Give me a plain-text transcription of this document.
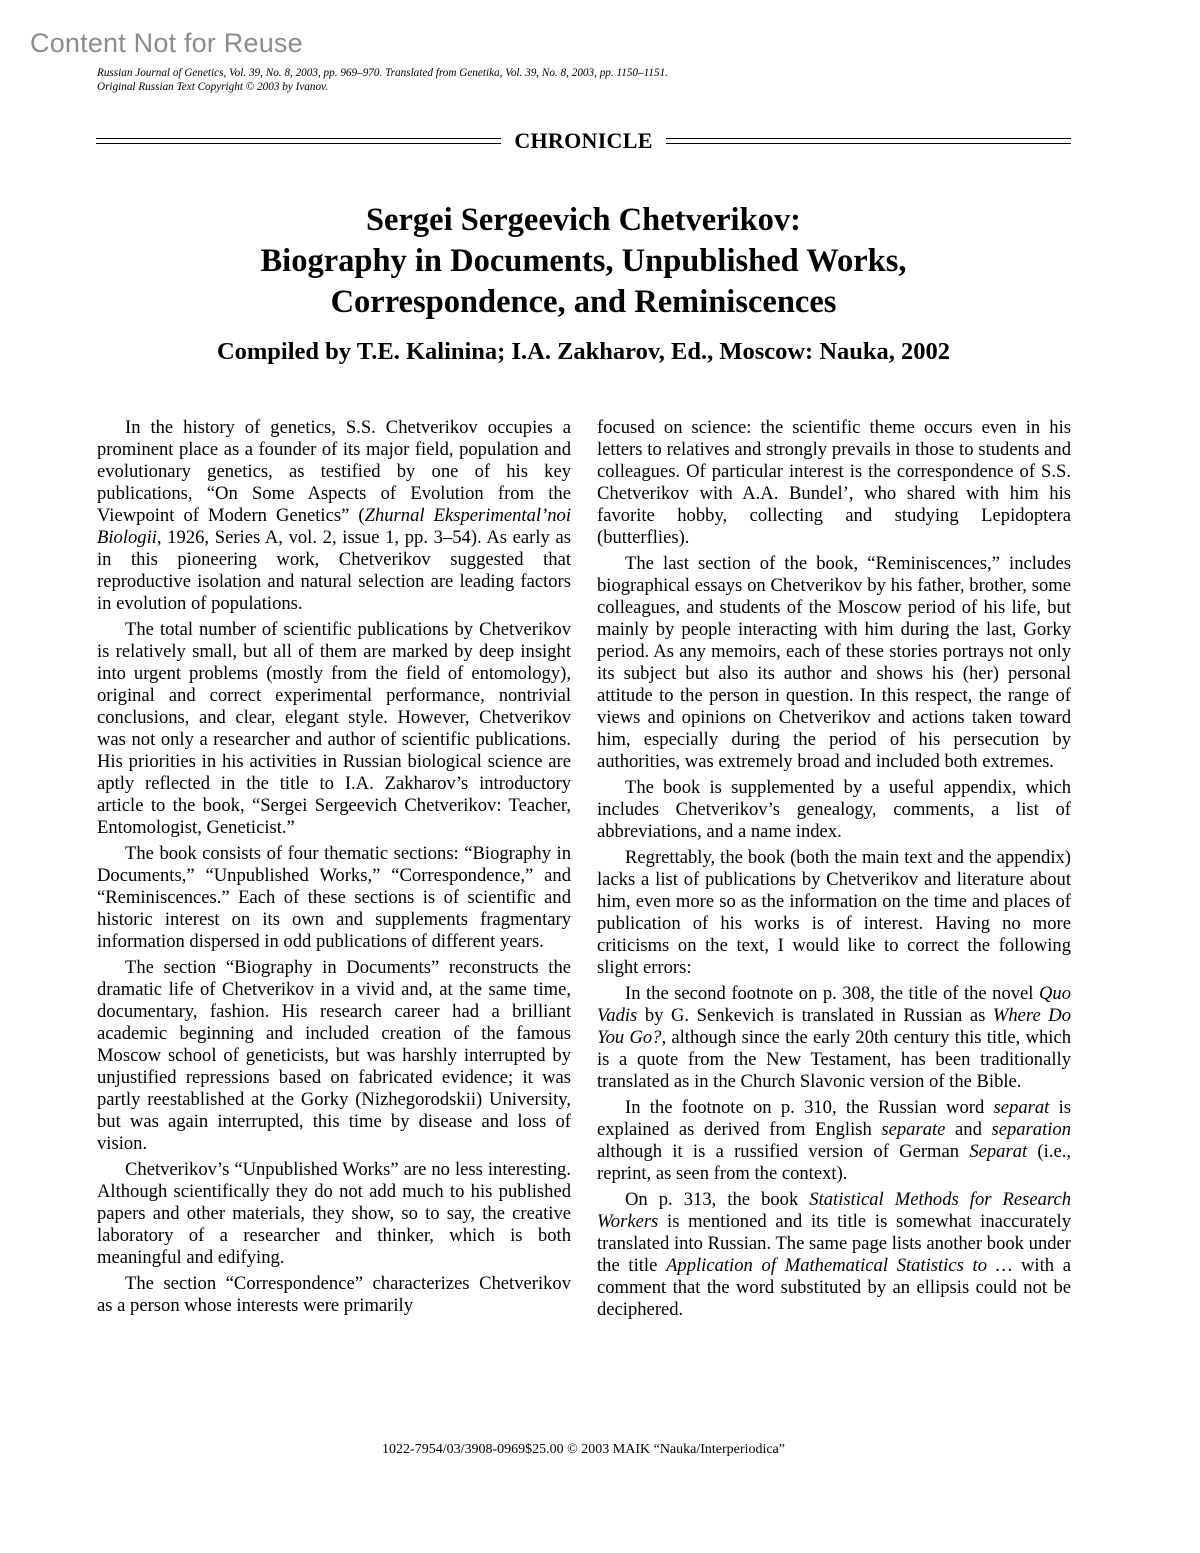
Content Not for Reuse
Russian Journal of Genetics, Vol. 39, No. 8, 2003, pp. 969–970. Translated from Genetika, Vol. 39, No. 8, 2003, pp. 1150–1151.
Original Russian Text Copyright © 2003 by Ivanov.
CHRONICLE
Sergei Sergeevich Chetverikov:
Biography in Documents, Unpublished Works,
Correspondence, and Reminiscences
Compiled by T.E. Kalinina; I.A. Zakharov, Ed., Moscow: Nauka, 2002

In the history of genetics, S.S. Chetverikov occupies a prominent place as a founder of its major field, population and evolutionary genetics, as testified by one of his key publications, “On Some Aspects of Evolution from the Viewpoint of Modern Genetics” (Zhurnal Eksperimental’noi Biologii, 1926, Series A, vol. 2, issue 1, pp. 3–54). As early as in this pioneering work, Chetverikov suggested that reproductive isolation and natural selection are leading factors in evolution of populations.

The total number of scientific publications by Chetverikov is relatively small, but all of them are marked by deep insight into urgent problems (mostly from the field of entomology), original and correct experimental performance, nontrivial conclusions, and clear, elegant style. However, Chetverikov was not only a researcher and author of scientific publications. His priorities in his activities in Russian biological science are aptly reflected in the title to I.A. Zakharov’s introductory article to the book, “Sergei Sergeevich Chetverikov: Teacher, Entomologist, Geneticist.”

The book consists of four thematic sections: “Biography in Documents,” “Unpublished Works,” “Correspondence,” and “Reminiscences.” Each of these sections is of scientific and historic interest on its own and supplements fragmentary information dispersed in odd publications of different years.

The section “Biography in Documents” reconstructs the dramatic life of Chetverikov in a vivid and, at the same time, documentary, fashion. His research career had a brilliant academic beginning and included creation of the famous Moscow school of geneticists, but was harshly interrupted by unjustified repressions based on fabricated evidence; it was partly reestablished at the Gorky (Nizhegorodskii) University, but was again interrupted, this time by disease and loss of vision.

Chetverikov’s “Unpublished Works” are no less interesting. Although scientifically they do not add much to his published papers and other materials, they show, so to say, the creative laboratory of a researcher and thinker, which is both meaningful and edifying.

The section “Correspondence” characterizes Chetverikov as a person whose interests were primarily

focused on science: the scientific theme occurs even in his letters to relatives and strongly prevails in those to students and colleagues. Of particular interest is the correspondence of S.S. Chetverikov with A.A. Bundel’, who shared with him his favorite hobby, collecting and studying Lepidoptera (butterflies).

The last section of the book, “Reminiscences,” includes biographical essays on Chetverikov by his father, brother, some colleagues, and students of the Moscow period of his life, but mainly by people interacting with him during the last, Gorky period. As any memoirs, each of these stories portrays not only its subject but also its author and shows his (her) personal attitude to the person in question. In this respect, the range of views and opinions on Chetverikov and actions taken toward him, especially during the period of his persecution by authorities, was extremely broad and included both extremes.

The book is supplemented by a useful appendix, which includes Chetverikov’s genealogy, comments, a list of abbreviations, and a name index.

Regrettably, the book (both the main text and the appendix) lacks a list of publications by Chetverikov and literature about him, even more so as the information on the time and places of publication of his works is of interest. Having no more criticisms on the text, I would like to correct the following slight errors:

In the second footnote on p. 308, the title of the novel Quo Vadis by G. Senkevich is translated in Russian as Where Do You Go?, although since the early 20th century this title, which is a quote from the New Testament, has been traditionally translated as in the Church Slavonic version of the Bible.

In the footnote on p. 310, the Russian word separat is explained as derived from English separate and separation although it is a russified version of German Separat (i.e., reprint, as seen from the context).

On p. 313, the book Statistical Methods for Research Workers is mentioned and its title is somewhat inaccurately translated into Russian. The same page lists another book under the title Application of Mathematical Statistics to … with a comment that the word substituted by an ellipsis could not be deciphered.

1022-7954/03/3908-0969$25.00 © 2003 MAIK “Nauka/Interperiodica”
